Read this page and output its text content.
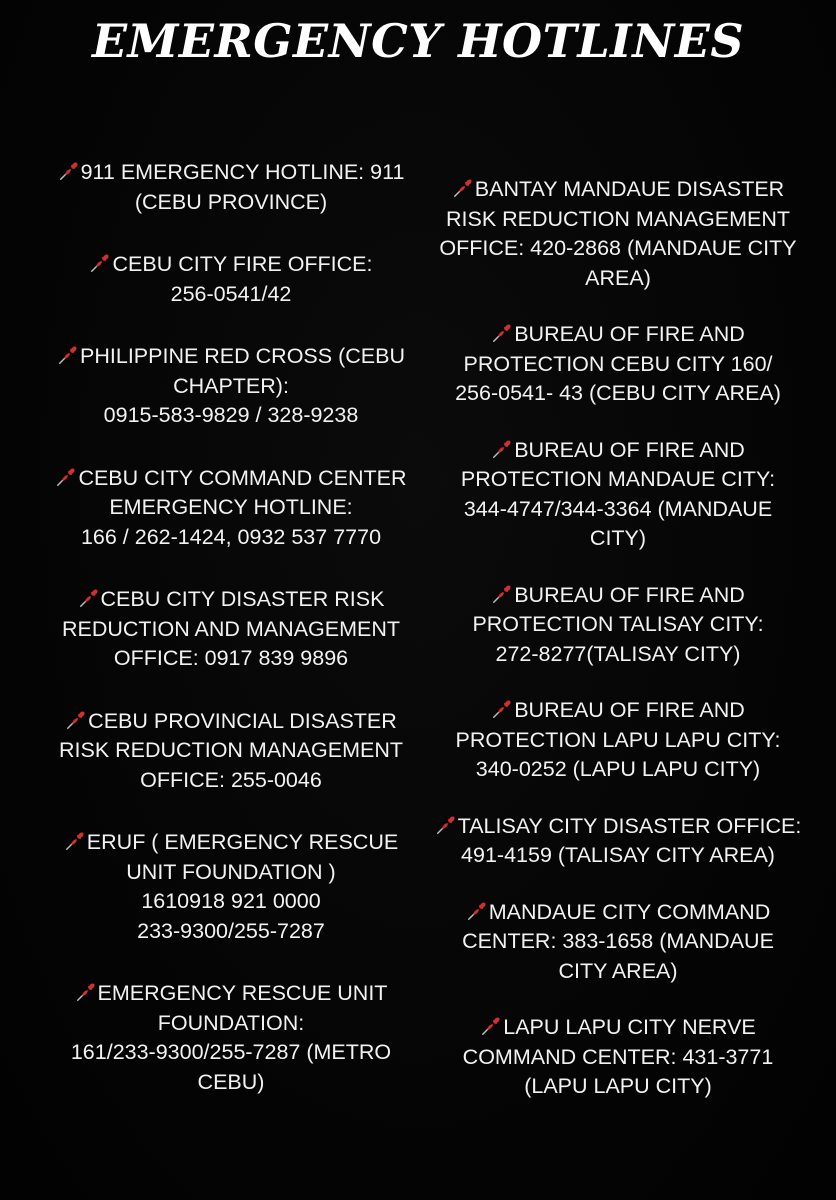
EMERGENCY HOTLINES
911 EMERGENCY HOTLINE: 911
(CEBU PROVINCE)
CEBU CITY FIRE OFFICE:
256-0541/42
PHILIPPINE RED CROSS (CEBU
CHAPTER):
0915-583-9829 / 328-9238
CEBU CITY COMMAND CENTER
EMERGENCY HOTLINE:
166 / 262-1424, 0932 537 7770
CEBU CITY DISASTER RISK
REDUCTION AND MANAGEMENT
OFFICE: 0917 839 9896
CEBU PROVINCIAL DISASTER
RISK REDUCTION MANAGEMENT
OFFICE: 255-0046
ERUF ( EMERGENCY RESCUE
UNIT FOUNDATION )
1610918 921 0000
233-9300/255-7287
EMERGENCY RESCUE UNIT
FOUNDATION:
161/233-9300/255-7287 (METRO
CEBU)
BANTAY MANDAUE DISASTER
RISK REDUCTION MANAGEMENT
OFFICE: 420-2868 (MANDAUE CITY
AREA)
BUREAU OF FIRE AND
PROTECTION CEBU CITY 160/
256-0541- 43 (CEBU CITY AREA)
BUREAU OF FIRE AND
PROTECTION MANDAUE CITY:
344-4747/344-3364 (MANDAUE
CITY)
BUREAU OF FIRE AND
PROTECTION TALISAY CITY:
272-8277(TALISAY CITY)
BUREAU OF FIRE AND
PROTECTION LAPU LAPU CITY:
340-0252 (LAPU LAPU CITY)
TALISAY CITY DISASTER OFFICE:
491-4159 (TALISAY CITY AREA)
MANDAUE CITY COMMAND
CENTER: 383-1658 (MANDAUE
CITY AREA)
LAPU LAPU CITY NERVE
COMMAND CENTER: 431-3771
(LAPU LAPU CITY)
